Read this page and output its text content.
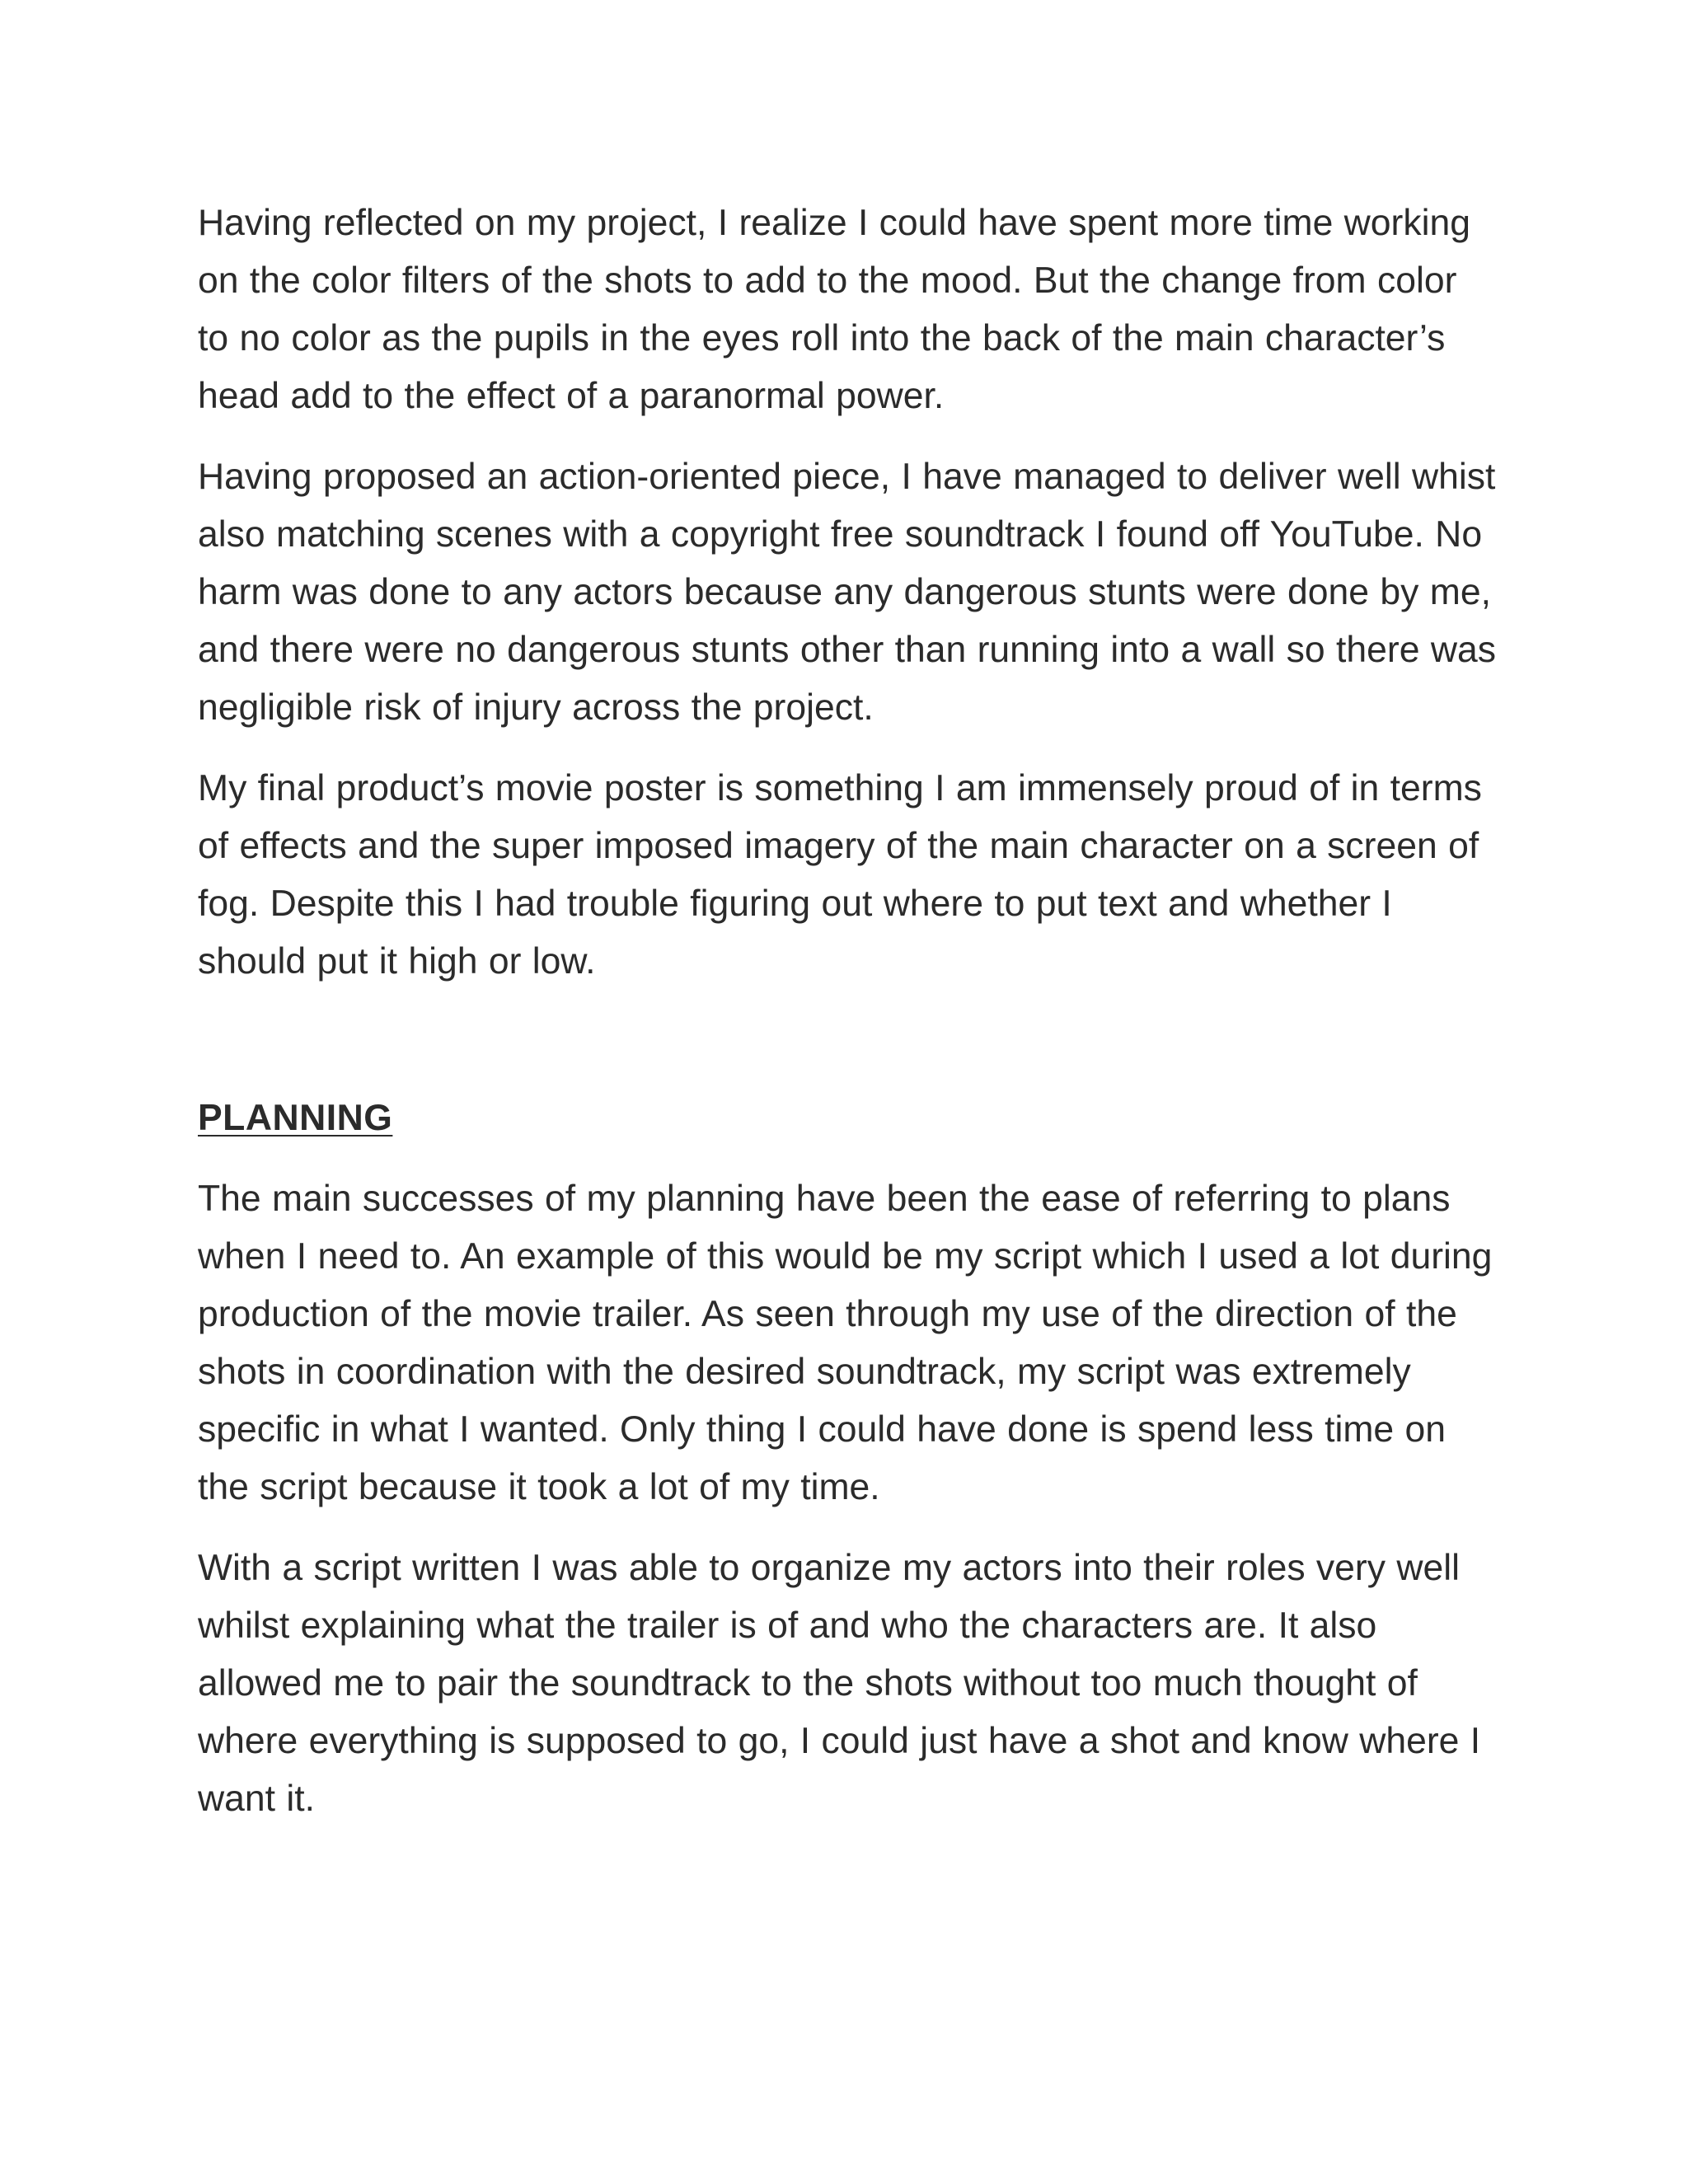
Having reflected on my project, I realize I could have spent more time working on the color filters of the shots to add to the mood. But the change from color to no color as the pupils in the eyes roll into the back of the main character’s head add to the effect of a paranormal power.

Having proposed an action-oriented piece, I have managed to deliver well whist also matching scenes with a copyright free soundtrack I found off YouTube. No harm was done to any actors because any dangerous stunts were done by me, and there were no dangerous stunts other than running into a wall so there was negligible risk of injury across the project.

My final product’s movie poster is something I am immensely proud of in terms of effects and the super imposed imagery of the main character on a screen of fog. Despite this I had trouble figuring out where to put text and whether I should put it high or low.

PLANNING

The main successes of my planning have been the ease of referring to plans when I need to. An example of this would be my script which I used a lot during production of the movie trailer. As seen through my use of the direction of the shots in coordination with the desired soundtrack, my script was extremely specific in what I wanted. Only thing I could have done is spend less time on the script because it took a lot of my time.

With a script written I was able to organize my actors into their roles very well whilst explaining what the trailer is of and who the characters are. It also allowed me to pair the soundtrack to the shots without too much thought of where everything is supposed to go, I could just have a shot and know where I want it.
